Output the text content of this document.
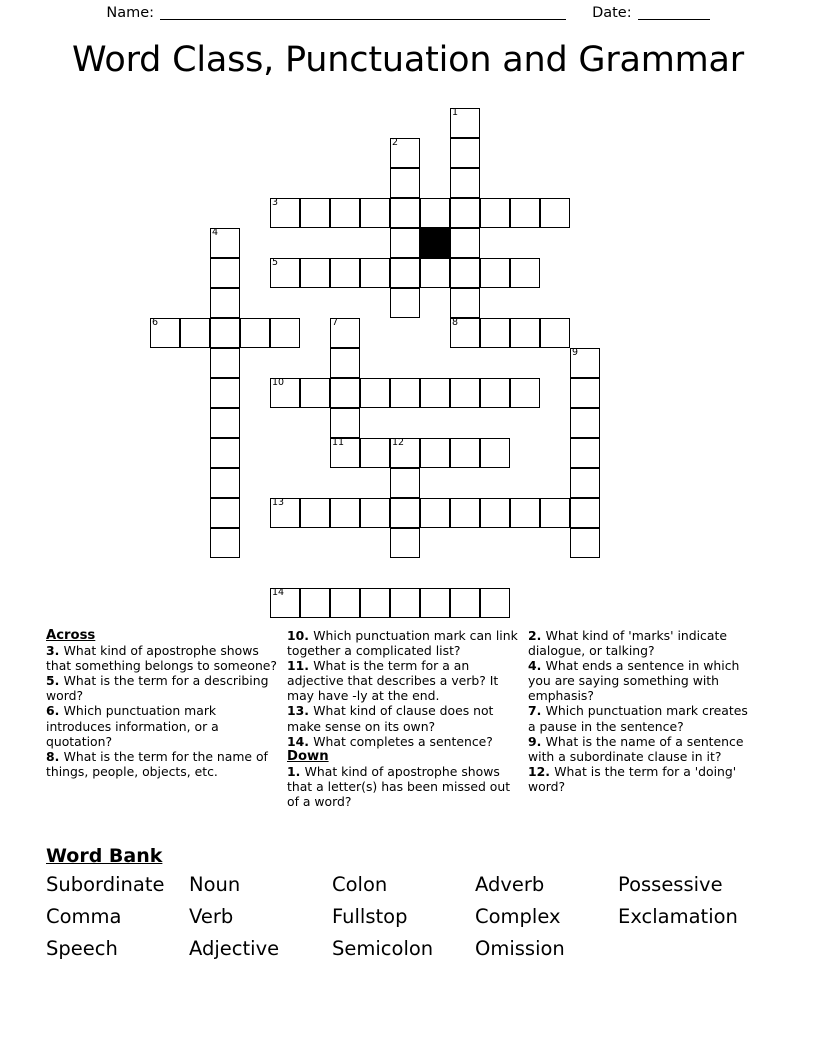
Name:	Date:
Word Class, Punctuation and Grammar
1
2
3
4
5
6	7	8
9
10
11	12
13
14
Across
3. What kind of apostrophe shows that something belongs to someone?
5. What is the term for a describing word?
6. Which punctuation mark introduces information, or a quotation?
8. What is the term for the name of things, people, objects, etc.
10. Which punctuation mark can link together a complicated list?
11. What is the term for a an adjective that describes a verb? It may have -ly at the end.
13. What kind of clause does not make sense on its own?
14. What completes a sentence?
Down
1. What kind of apostrophe shows that a letter(s) has been missed out of a word?
2. What kind of 'marks' indicate dialogue, or talking?
4. What ends a sentence in which you are saying something with emphasis?
7. Which punctuation mark creates a pause in the sentence?
9. What is the name of a sentence with a subordinate clause in it?
12. What is the term for a 'doing' word?
Word Bank
Subordinate	Noun	Colon	Adverb	Possessive
Comma	Verb	Fullstop	Complex	Exclamation
Speech	Adjective	Semicolon	Omission
